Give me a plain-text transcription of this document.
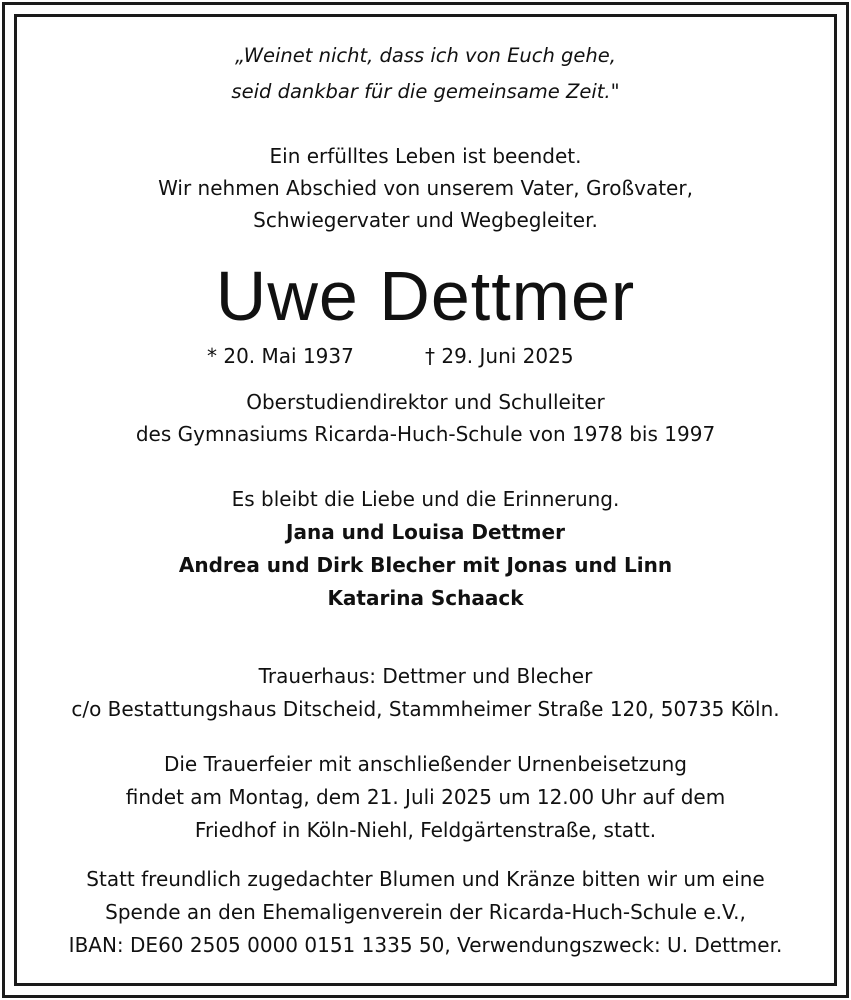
„Weinet nicht, dass ich von Euch gehe,
seid dankbar für die gemeinsame Zeit."
Ein erfülltes Leben ist beendet.
Wir nehmen Abschied von unserem Vater, Großvater,
Schwiegervater und Wegbegleiter.
Uwe Dettmer
* 20. Mai 1937	† 29. Juni 2025
Oberstudiendirektor und Schulleiter
des Gymnasiums Ricarda-Huch-Schule von 1978 bis 1997
Es bleibt die Liebe und die Erinnerung.
Jana und Louisa Dettmer
Andrea und Dirk Blecher mit Jonas und Linn
Katarina Schaack
Trauerhaus: Dettmer und Blecher
c/o Bestattungshaus Ditscheid, Stammheimer Straße 120, 50735 Köln.
Die Trauerfeier mit anschließender Urnenbeisetzung
findet am Montag, dem 21. Juli 2025 um 12.00 Uhr auf dem
Friedhof in Köln-Niehl, Feldgärtenstraße, statt.
Statt freundlich zugedachter Blumen und Kränze bitten wir um eine
Spende an den Ehemaligenverein der Ricarda-Huch-Schule e.V.,
IBAN: DE60 2505 0000 0151 1335 50, Verwendungszweck: U. Dettmer.
